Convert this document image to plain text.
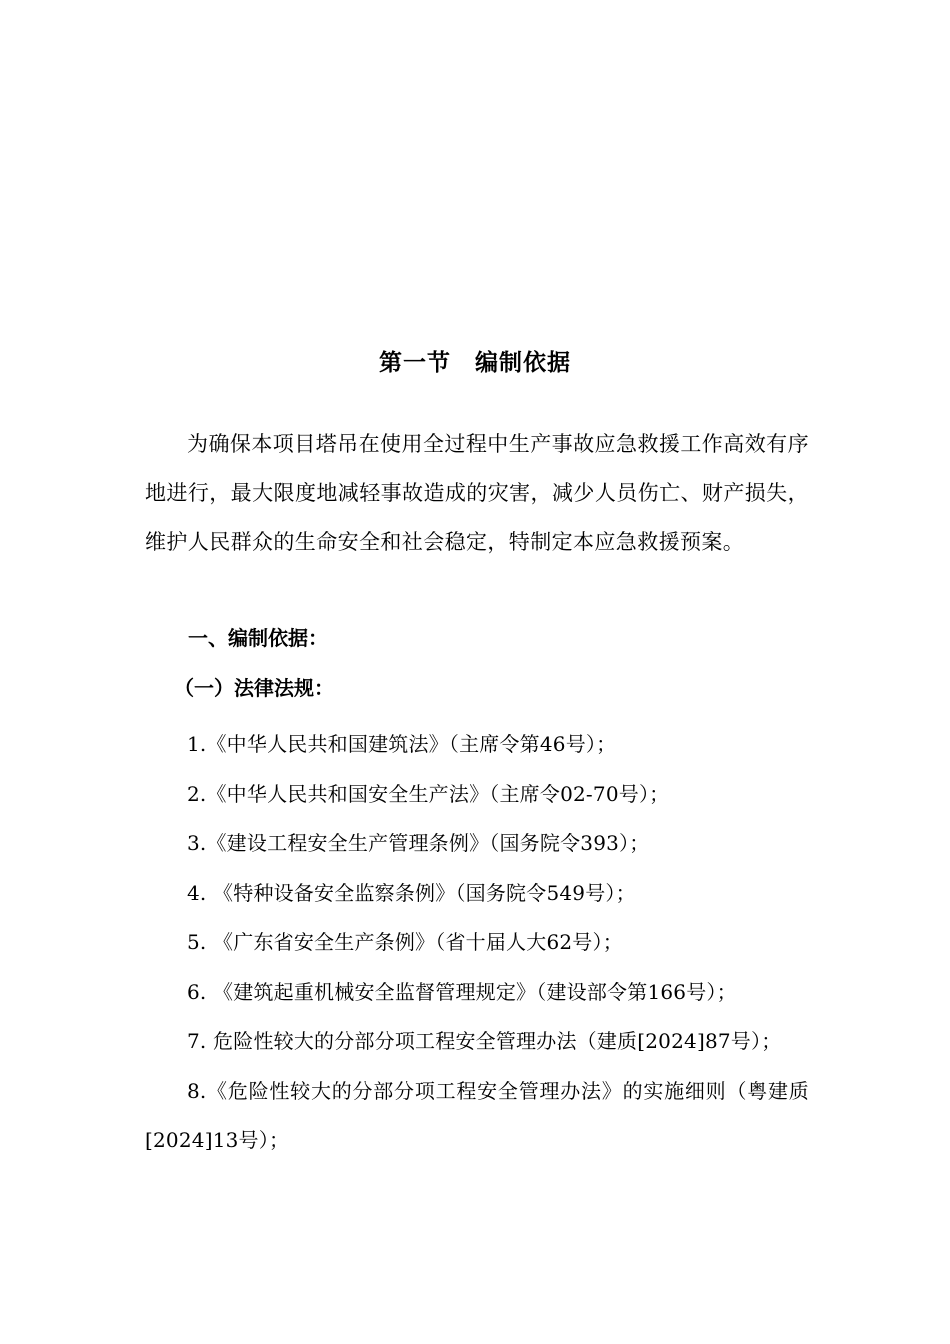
第一节　编制依据

为确保本项目塔吊在使用全过程中生产事故应急救援工作高效有序地进行，最大限度地减轻事故造成的灾害，减少人员伤亡、财产损失，维护人民群众的生命安全和社会稳定，特制定本应急救援预案。

一、编制依据：

（一）法律法规：

1.《中华人民共和国建筑法》（主席令第46号）；
2.《中华人民共和国安全生产法》（主席令02-70号）；
3.《建设工程安全生产管理条例》（国务院令393）；
4. 《特种设备安全监察条例》（国务院令549号）；
5. 《广东省安全生产条例》（省十届人大62号）；
6. 《建筑起重机械安全监督管理规定》（建设部令第166号）；
7. 危险性较大的分部分项工程安全管理办法（建质[2024]87号）；
8.《危险性较大的分部分项工程安全管理办法》的实施细则（粤建质[2024]13号）；
